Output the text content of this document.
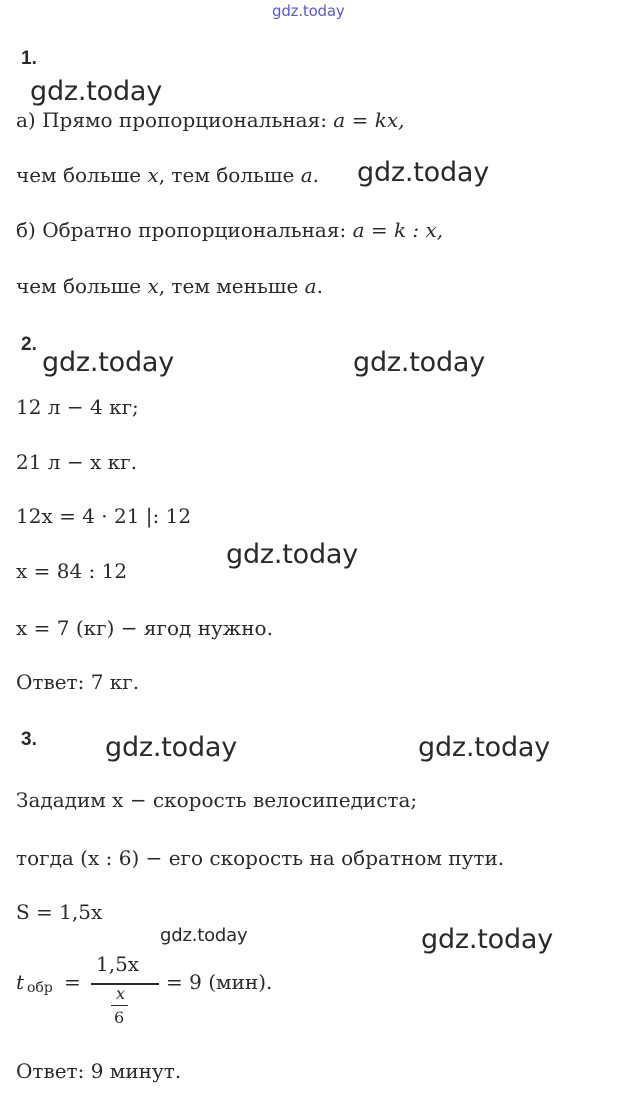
gdz.today
gdz.today
gdz.today
gdz.today	gdz.today
gdz.today
gdz.today	gdz.today
gdz.today	gdz.today
1.
а) Прямо пропорциональная: a = kx,
чем больше x, тем больше a.
б) Обратно пропорциональная: a = k : x,
чем больше x, тем меньше a.
2.
12 л − 4 кг;
21 л − x кг.
12x = 4 · 21 |: 12
x = 84 : 12
x = 7 (кг) − ягод нужно.
Ответ: 7 кг.
3.
Зададим x − скорость велосипедиста;
тогда (x : 6) − его скорость на обратном пути.
S = 1,5x
t обр =
1,5x
x
6
= 9 (мин).
Ответ: 9 минут.
